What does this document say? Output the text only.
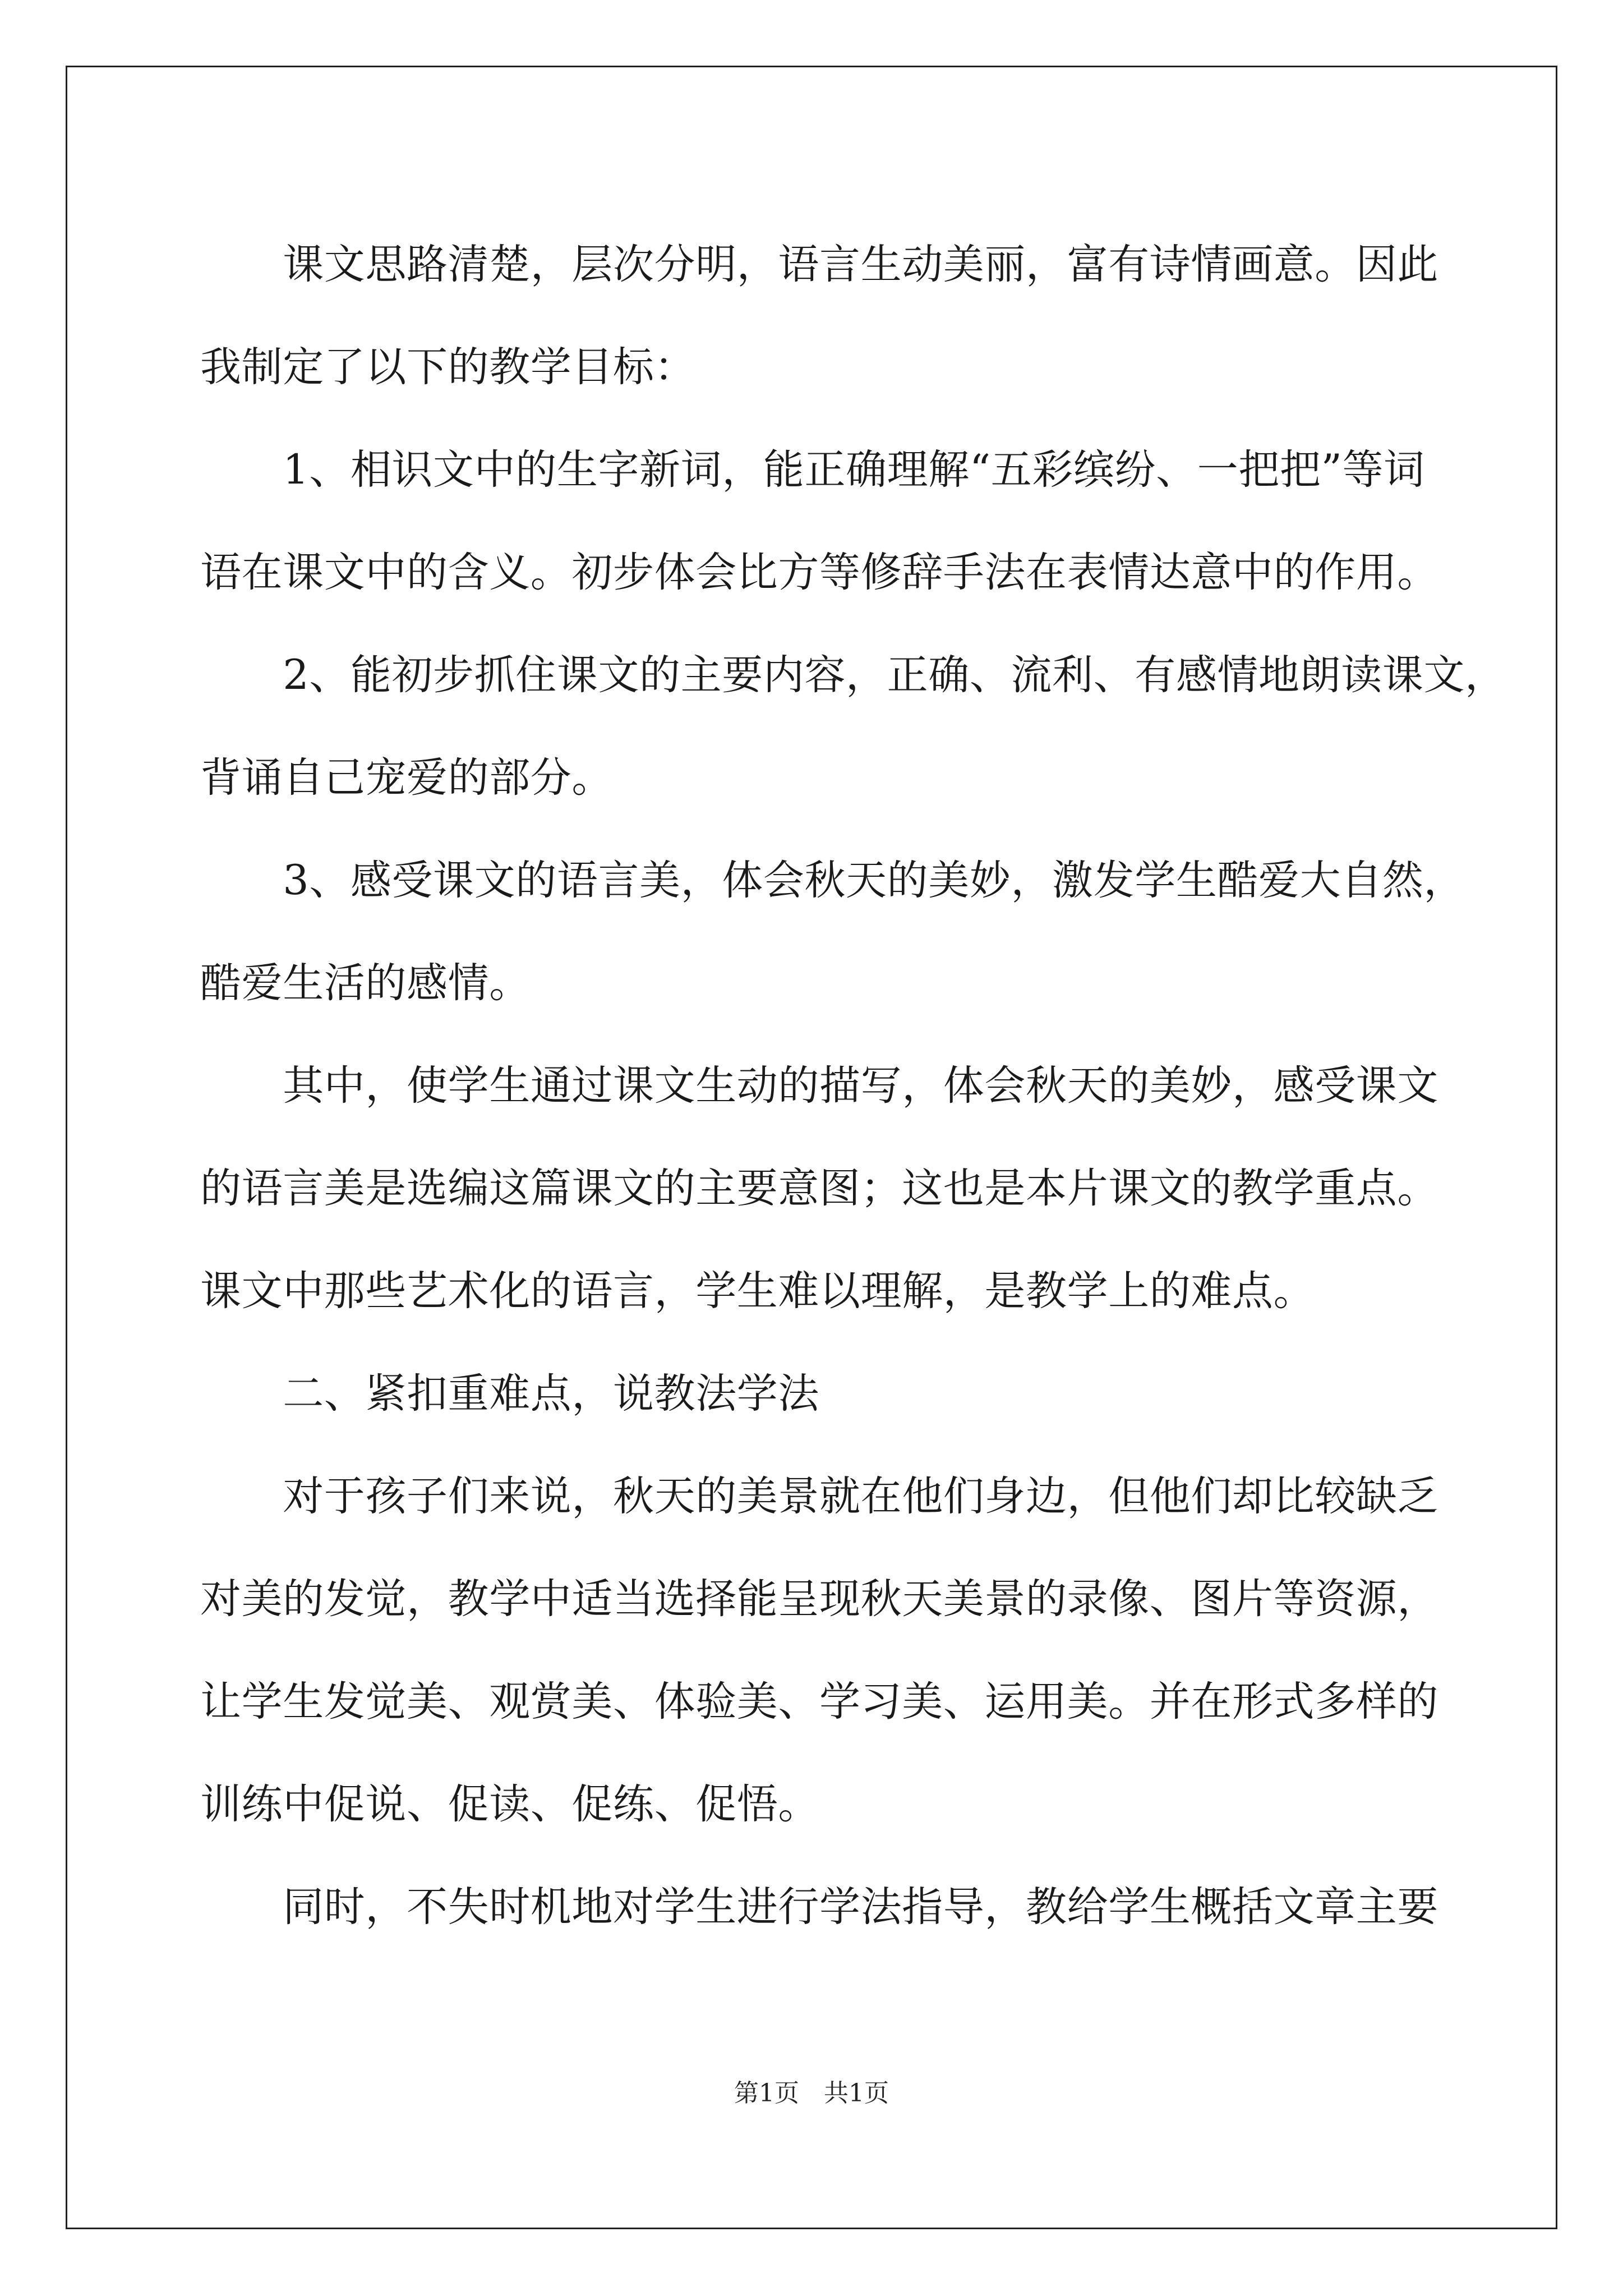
　　课文思路清楚，层次分明，语言生动美丽，富有诗情画意。因此
我制定了以下的教学目标：
　　1、相识文中的生字新词，能正确理解“五彩缤纷、一把把”等词
语在课文中的含义。初步体会比方等修辞手法在表情达意中的作用。
　　2、能初步抓住课文的主要内容，正确、流利、有感情地朗读课文，
背诵自己宠爱的部分。
　　3、感受课文的语言美，体会秋天的美妙，激发学生酷爱大自然，
酷爱生活的感情。
　　其中，使学生通过课文生动的描写，体会秋天的美妙，感受课文
的语言美是选编这篇课文的主要意图；这也是本片课文的教学重点。
课文中那些艺术化的语言，学生难以理解，是教学上的难点。
　　二、紧扣重难点，说教法学法
　　对于孩子们来说，秋天的美景就在他们身边，但他们却比较缺乏
对美的发觉，教学中适当选择能呈现秋天美景的录像、图片等资源，
让学生发觉美、观赏美、体验美、学习美、运用美。并在形式多样的
训练中促说、促读、促练、促悟。
　　同时，不失时机地对学生进行学法指导，教给学生概括文章主要
第1页　共1页
